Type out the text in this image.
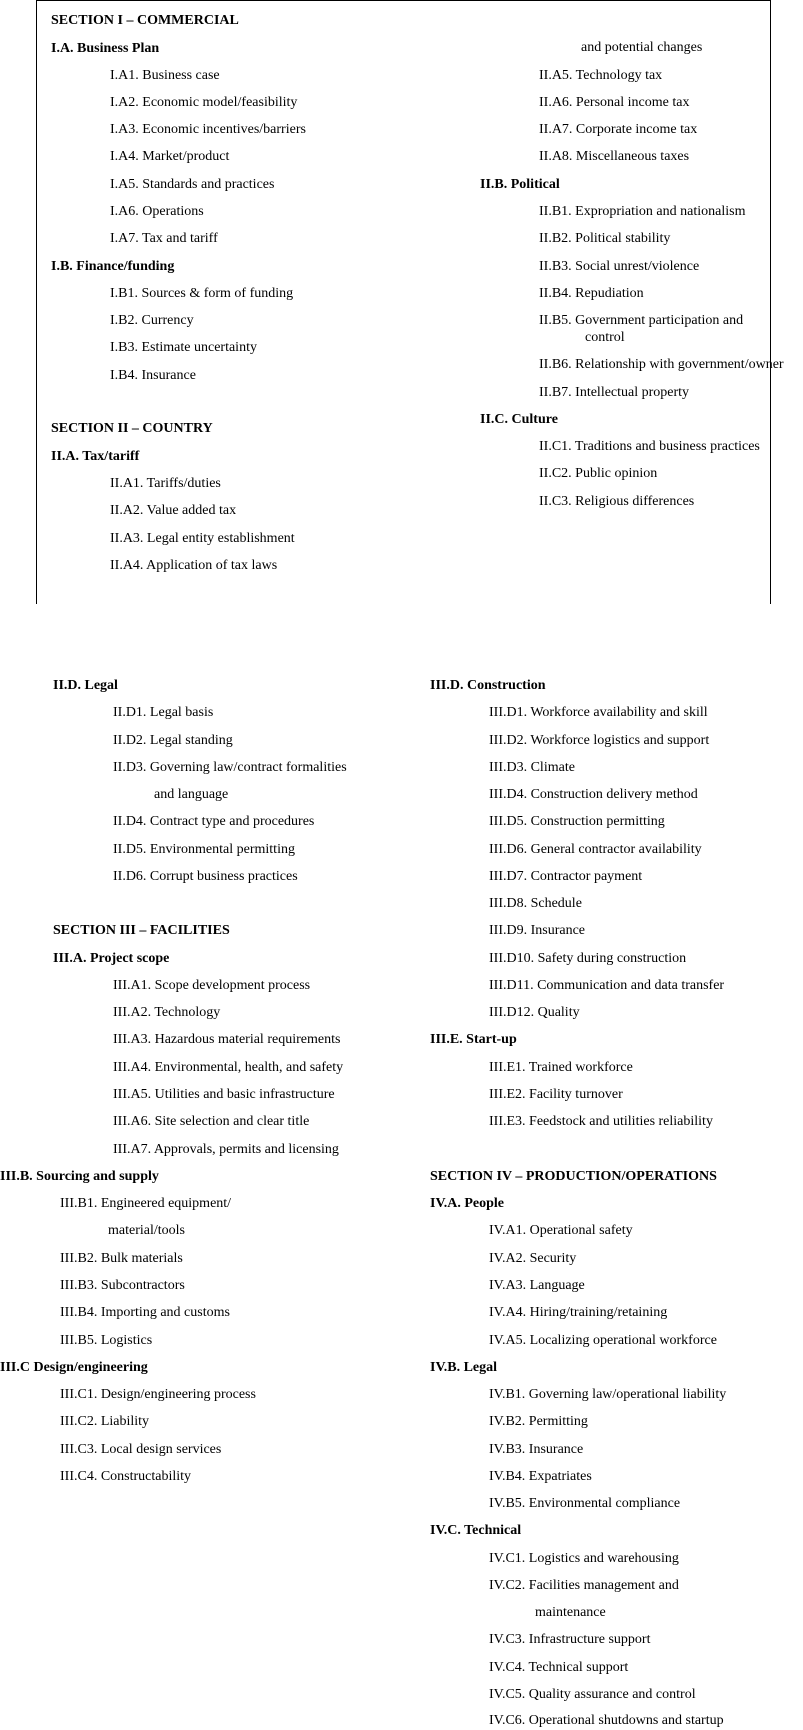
SECTION I – COMMERCIAL
I.A. Business Plan
I.A1. Business case
I.A2. Economic model/feasibility
I.A3. Economic incentives/barriers
I.A4. Market/product
I.A5. Standards and practices
I.A6. Operations
I.A7. Tax and tariff
I.B. Finance/funding
I.B1. Sources & form of funding
I.B2. Currency
I.B3. Estimate uncertainty
I.B4. Insurance
SECTION II – COUNTRY
II.A. Tax/tariff
II.A1. Tariffs/duties
II.A2. Value added tax
II.A3. Legal entity establishment
II.A4. Application of tax laws
and potential changes
II.A5. Technology tax
II.A6. Personal income tax
II.A7. Corporate income tax
II.A8. Miscellaneous taxes
II.B. Political
II.B1. Expropriation and nationalism
II.B2. Political stability
II.B3. Social unrest/violence
II.B4. Repudiation
II.B5. Government participation and
control
II.B6. Relationship with government/owner
II.B7. Intellectual property
II.C. Culture
II.C1. Traditions and business practices
II.C2. Public opinion
II.C3. Religious differences
II.D. Legal
II.D1. Legal basis
II.D2. Legal standing
II.D3. Governing law/contract formalities
and language
II.D4. Contract type and procedures
II.D5. Environmental permitting
II.D6. Corrupt business practices
SECTION III – FACILITIES
III.A. Project scope
III.A1. Scope development process
III.A2. Technology
III.A3. Hazardous material requirements
III.A4. Environmental, health, and safety
III.A5. Utilities and basic infrastructure
III.A6. Site selection and clear title
III.A7. Approvals, permits and licensing
III.B. Sourcing and supply
III.B1. Engineered equipment/
material/tools
III.B2. Bulk materials
III.B3. Subcontractors
III.B4. Importing and customs
III.B5. Logistics
III.C Design/engineering
III.C1. Design/engineering process
III.C2. Liability
III.C3. Local design services
III.C4. Constructability
III.D. Construction
III.D1. Workforce availability and skill
III.D2. Workforce logistics and support
III.D3. Climate
III.D4. Construction delivery method
III.D5. Construction permitting
III.D6. General contractor availability
III.D7. Contractor payment
III.D8. Schedule
III.D9. Insurance
III.D10. Safety during construction
III.D11. Communication and data transfer
III.D12. Quality
III.E. Start-up
III.E1. Trained workforce
III.E2. Facility turnover
III.E3. Feedstock and utilities reliability
SECTION IV – PRODUCTION/OPERATIONS
IV.A. People
IV.A1. Operational safety
IV.A2. Security
IV.A3. Language
IV.A4. Hiring/training/retaining
IV.A5. Localizing operational workforce
IV.B. Legal
IV.B1. Governing law/operational liability
IV.B2. Permitting
IV.B3. Insurance
IV.B4. Expatriates
IV.B5. Environmental compliance
IV.C. Technical
IV.C1. Logistics and warehousing
IV.C2. Facilities management and
maintenance
IV.C3. Infrastructure support
IV.C4. Technical support
IV.C5. Quality assurance and control
IV.C6. Operational shutdowns and startup
